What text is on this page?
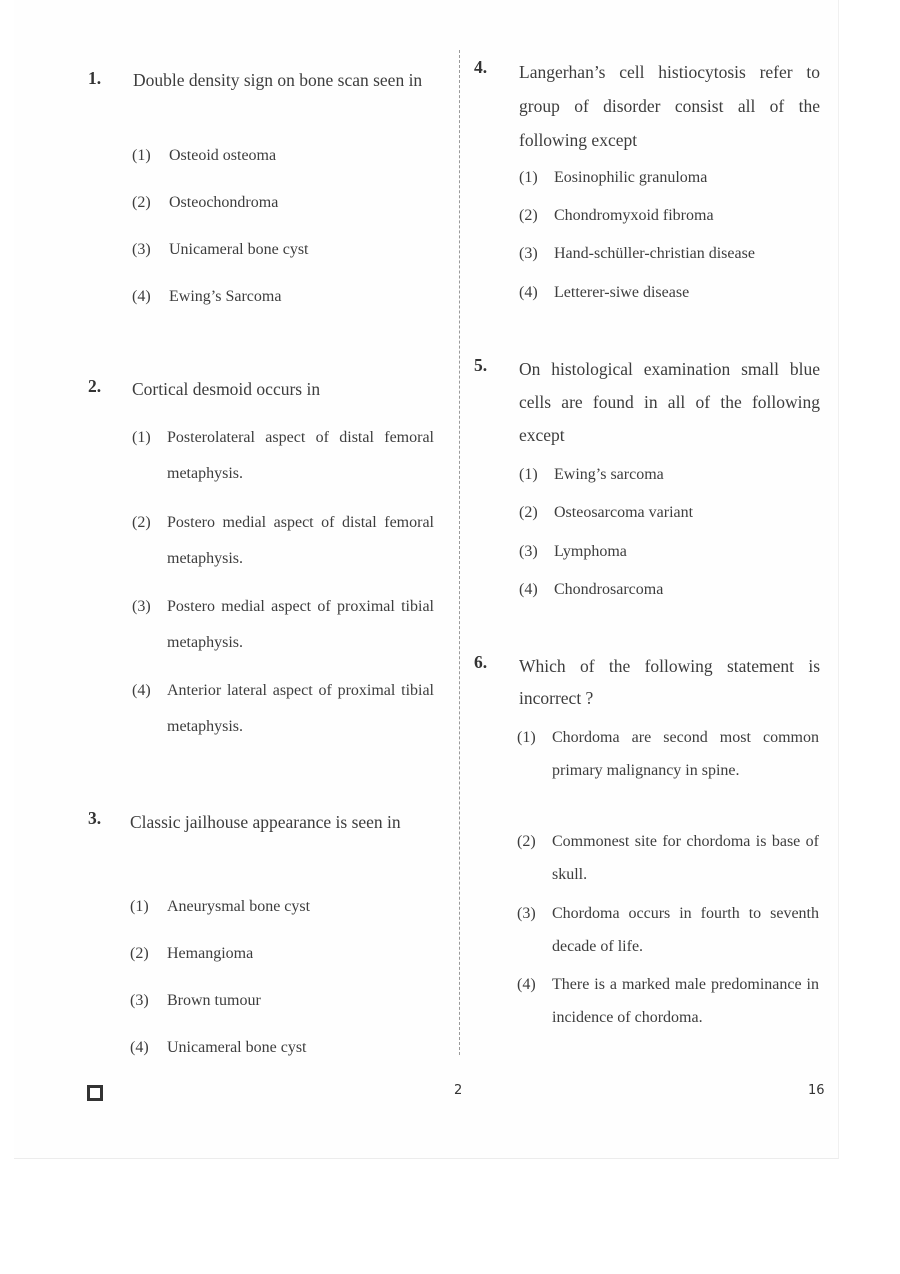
1. Double density sign on bone scan seen in
(1) Osteoid osteoma
(2) Osteochondroma
(3) Unicameral bone cyst
(4) Ewing’s Sarcoma
2. Cortical desmoid occurs in
(1) Posterolateral aspect of distal femoral metaphysis.
(2) Postero medial aspect of distal femoral metaphysis.
(3) Postero medial aspect of proximal tibial metaphysis.
(4) Anterior lateral aspect of proximal tibial metaphysis.
3. Classic jailhouse appearance is seen in
(1) Aneurysmal bone cyst
(2) Hemangioma
(3) Brown tumour
(4) Unicameral bone cyst
4. Langerhan’s cell histiocytosis refer to group of disorder consist all of the following except
(1) Eosinophilic granuloma
(2) Chondromyxoid fibroma
(3) Hand-schüller-christian disease
(4) Letterer-siwe disease
5. On histological examination small blue cells are found in all of the following except
(1) Ewing’s sarcoma
(2) Osteosarcoma variant
(3) Lymphoma
(4) Chondrosarcoma
6. Which of the following statement is incorrect ?
(1) Chordoma are second most common primary malignancy in spine.
(2) Commonest site for chordoma is base of skull.
(3) Chordoma occurs in fourth to seventh decade of life.
(4) There is a marked male predominance in incidence of chordoma.
2	16
